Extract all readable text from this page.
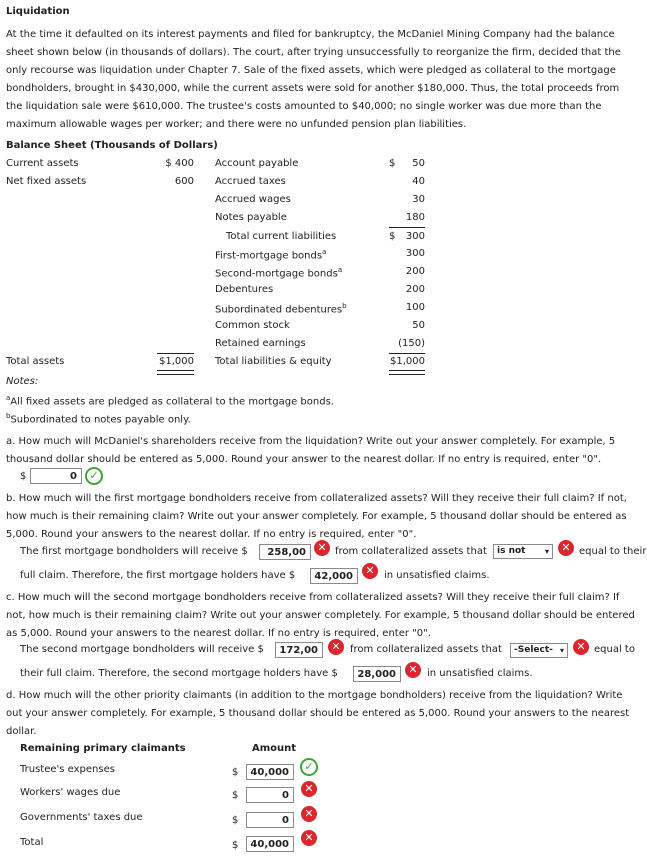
Liquidation
At the time it defaulted on its interest payments and filed for bankruptcy, the McDaniel Mining Company had the balance sheet shown below (in thousands of dollars). The court, after trying unsuccessfully to reorganize the firm, decided that the only recourse was liquidation under Chapter 7. Sale of the fixed assets, which were pledged as collateral to the mortgage bondholders, brought in $430,000, while the current assets were sold for another $180,000. Thus, the total proceeds from the liquidation sale were $610,000. The trustee's costs amounted to $40,000; no single worker was due more than the maximum allowable wages per worker; and there were no unfunded pension plan liabilities.
Balance Sheet (Thousands of Dollars)
Current assets	$ 400
Net fixed assets	600
Account payable	$	50
Accrued taxes	40
Accrued wages	30
Notes payable	180
Total current liabilities	$	300
First-mortgage bonds$^a$	300
Second-mortgage bonds$^a$	200
Debentures	200
Subordinated debentures$^b$	100
Common stock	50
Retained earnings	(150)
Total assets	$1,000 Total liabilities & equity	$1,000
Notes:
$^a$All fixed assets are pledged as collateral to the mortgage bonds.
$^b$Subordinated to notes payable only.
a. How much will McDaniel's shareholders receive from the liquidation? Write out your answer completely. For example, 5 thousand dollar should be entered as 5,000. Round your answer to the nearest dollar. If no entry is required, enter "0".
$	0	✓
b. How much will the first mortgage bondholders receive from collateralized assets? Will they receive their full claim? If not, how much is their remaining claim? Write out your answer completely. For example, 5 thousand dollar should be entered as 5,000. Round your answers to the nearest dollar. If no entry is required, enter "0".
The first mortgage bondholders will receive $	258,00	✕ from collateralized assets that	is not ▾	✕ equal to their
full claim. Therefore, the first mortgage holders have $	42,000	✕ in unsatisfied claims.
c. How much will the second mortgage bondholders receive from collateralized assets? Will they receive their full claim? If not, how much is their remaining claim? Write out your answer completely. For example, 5 thousand dollar should be entered as 5,000. Round your answers to the nearest dollar. If no entry is required, enter "0".
The second mortgage bondholders will receive $	172,00	✕ from collateralized assets that	-Select- ▾	✕ equal to
their full claim. Therefore, the second mortgage holders have $	28,000	✕ in unsatisfied claims.
d. How much will the other priority claimants (in addition to the mortgage bondholders) receive from the liquidation? Write out your answer completely. For example, 5 thousand dollar should be entered as 5,000. Round your answers to the nearest dollar.
Remaining primary claimants	Amount
Trustee's expenses	$	40,000	✓
Workers' wages due	$	0
✕
Governments' taxes due	$	0
✕
Total	$	40,000
✕
